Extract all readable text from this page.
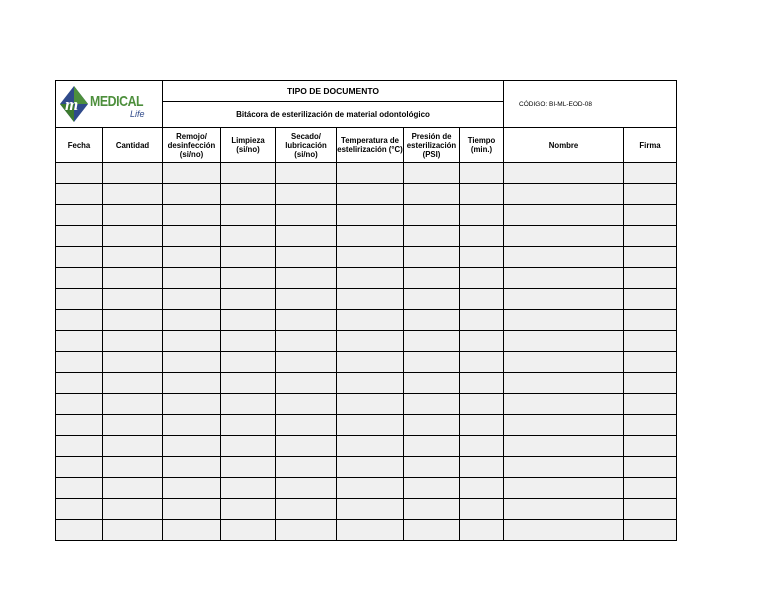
m MEDICAL
Life		TIPO DE DOCUMENTO						CÓDIGO: BI-ML-EOD-08	
		Bitácora de esterilización de material odontológico							
Fecha	Cantidad	Remojo/
desinfección
(si/no)	Limpieza
(si/no)	Secado/
lubricación
(si/no)	Temperatura de
estelirización (°C)	Presión de
esterilización
(PSI)	Tiempo
(min.)	Nombre	Firma
